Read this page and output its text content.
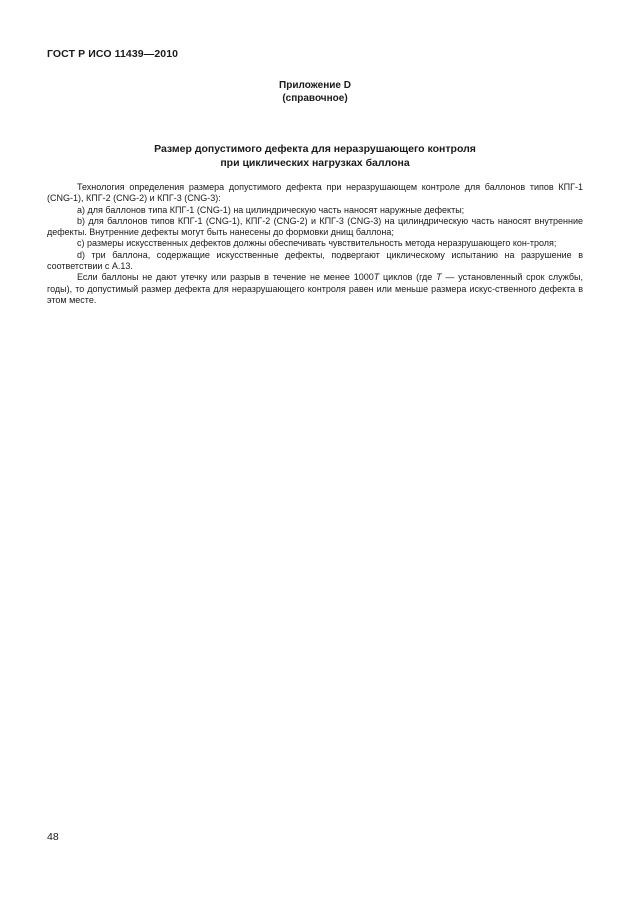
ГОСТ Р ИСО 11439—2010
Приложение D
(справочное)
Размер допустимого дефекта для неразрушающего контроля
при циклических нагрузках баллона

Технология определения размера допустимого дефекта при неразрушающем контроле для баллонов типов КПГ-1 (CNG-1), КПГ-2 (CNG-2) и КПГ-3 (CNG-3):

a) для баллонов типа КПГ-1 (CNG-1) на цилиндрическую часть наносят наружные дефекты;

b) для баллонов типов КПГ-1 (CNG-1), КПГ-2 (CNG-2) и КПГ-3 (CNG-3) на цилиндрическую часть наносят внутренние дефекты. Внутренние дефекты могут быть нанесены до формовки днищ баллона;

c) размеры искусственных дефектов должны обеспечивать чувствительность метода неразрушающего кон-троля;

d) три баллона, содержащие искусственные дефекты, подвергают циклическому испытанию на разрушение в соответствии с А.13.

Если баллоны не дают утечку или разрыв в течение не менее 1000T циклов (где T — установленный срок службы, годы), то допустимый размер дефекта для неразрушающего контроля равен или меньше размера искус-ственного дефекта в этом месте.

48
